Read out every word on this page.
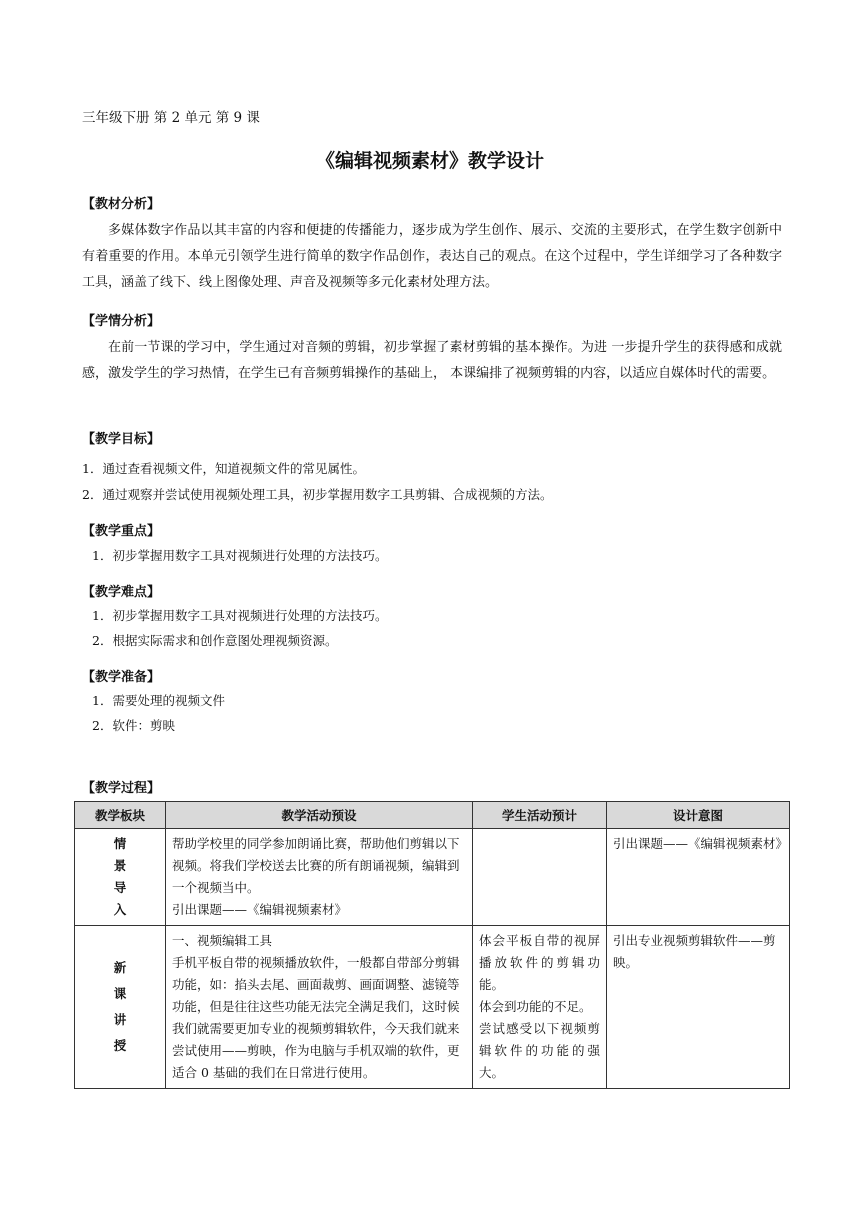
三年级下册 第 2 单元 第 9 课
《编辑视频素材》教学设计
【教材分析】
多媒体数字作品以其丰富的内容和便捷的传播能力，逐步成为学生创作、展示、交流的主要形式，在学生数字创新中有着重要的作用。本单元引领学生进行简单的数字作品创作，表达自己的观点。在这个过程中，学生详细学习了各种数字工具，涵盖了线下、线上图像处理、声音及视频等多元化素材处理方法。
【学情分析】
在前一节课的学习中，学生通过对音频的剪辑，初步掌握了素材剪辑的基本操作。为进 一步提升学生的获得感和成就感，激发学生的学习热情，在学生已有音频剪辑操作的基础上， 本课编排了视频剪辑的内容，以适应自媒体时代的需要。
【教学目标】
1．通过查看视频文件，知道视频文件的常见属性。
2．通过观察并尝试使用视频处理工具，初步掌握用数字工具剪辑、合成视频的方法。
【教学重点】
1．初步掌握用数字工具对视频进行处理的方法技巧。
【教学难点】
1．初步掌握用数字工具对视频进行处理的方法技巧。
2．根据实际需求和创作意图处理视频资源。
【教学准备】
1．需要处理的视频文件
2．软件：剪映
【教学过程】
教学板块	教学活动预设	学生活动预计	设计意图

情
景
导
入	帮助学校里的同学参加朗诵比赛，帮助他们剪辑以下视频。将我们学校送去比赛的所有朗诵视频，编辑到一个视频当中。
引出课题——《编辑视频素材》		引出课题——《编辑视频素材》

新
课
讲
授	一、视频编辑工具
手机平板自带的视频播放软件，一般都自带部分剪辑功能，如：掐头去尾、画面裁剪、画面调整、滤镜等功能，但是往往这些功能无法完全满足我们，这时候我们就需要更加专业的视频剪辑软件，今天我们就来尝试使用——剪映，作为电脑与手机双端的软件，更适合 0 基础的我们在日常进行使用。	体会平板自带的视屏播放软件的剪辑功能。
体会到功能的不足。
尝试感受以下视频剪辑软件的功能的强大。	引出专业视频剪辑软件——剪映。
